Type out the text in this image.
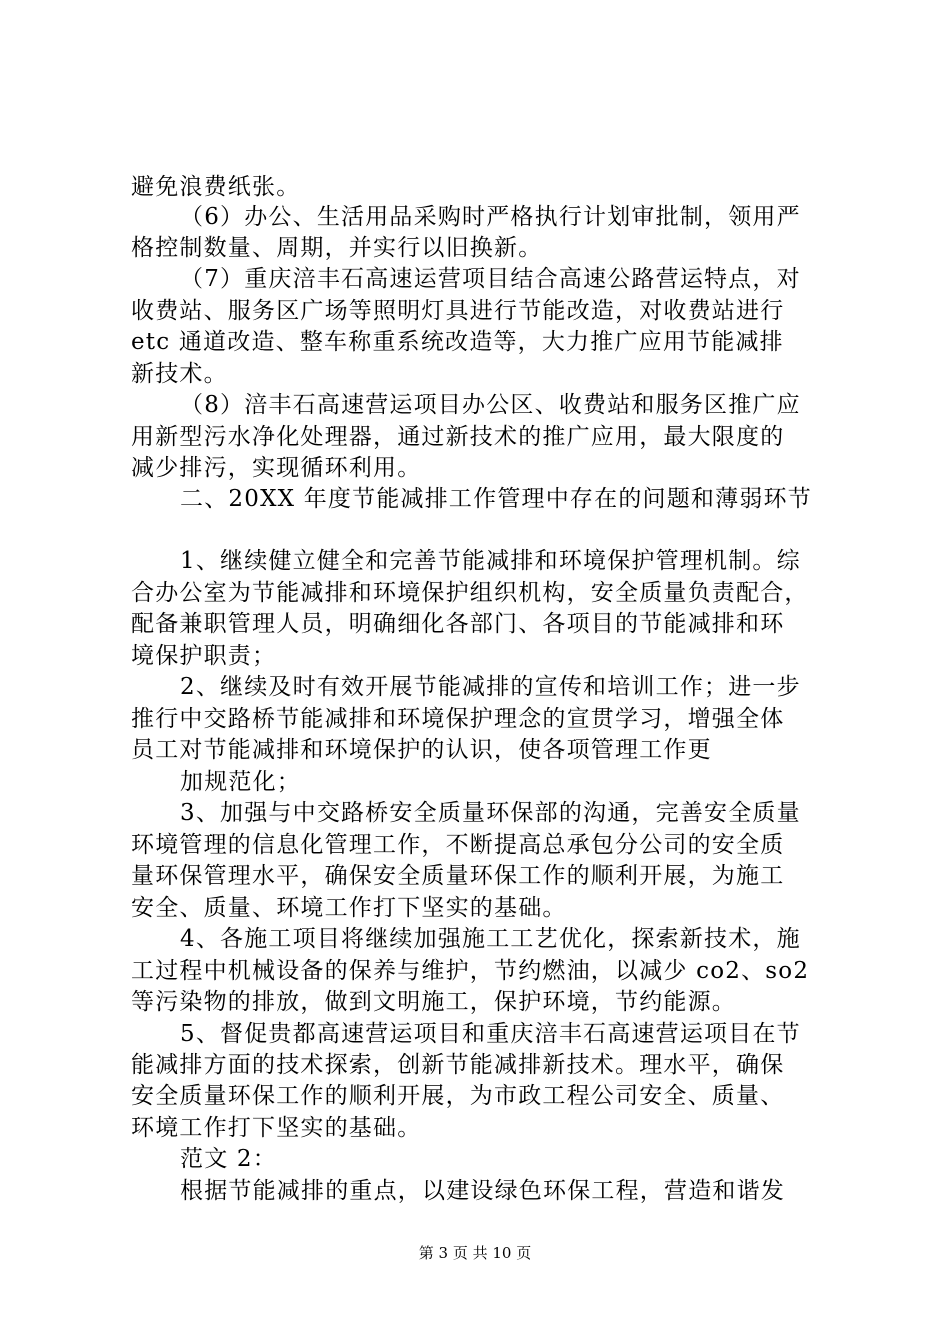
避免浪费纸张。
（6）办公、生活用品采购时严格执行计划审批制，领用严
格控制数量、周期，并实行以旧换新。
（7）重庆涪丰石高速运营项目结合高速公路营运特点，对
收费站、服务区广场等照明灯具进行节能改造，对收费站进行
etc 通道改造、整车称重系统改造等，大力推广应用节能减排
新技术。
（8）涪丰石高速营运项目办公区、收费站和服务区推广应
用新型污水净化处理器，通过新技术的推广应用，最大限度的
减少排污，实现循环利用。
二、20XX 年度节能减排工作管理中存在的问题和薄弱环节
1、继续健立健全和完善节能减排和环境保护管理机制。综
合办公室为节能减排和环境保护组织机构，安全质量负责配合，
配备兼职管理人员，明确细化各部门、各项目的节能减排和环
境保护职责；
2、继续及时有效开展节能减排的宣传和培训工作；进一步
推行中交路桥节能减排和环境保护理念的宣贯学习，增强全体
员工对节能减排和环境保护的认识，使各项管理工作更
加规范化；
3、加强与中交路桥安全质量环保部的沟通，完善安全质量
环境管理的信息化管理工作，不断提高总承包分公司的安全质
量环保管理水平，确保安全质量环保工作的顺利开展，为施工
安全、质量、环境工作打下坚实的基础。
4、各施工项目将继续加强施工工艺优化，探索新技术，施
工过程中机械设备的保养与维护，节约燃油，以减少 co2、so2
等污染物的排放，做到文明施工，保护环境，节约能源。
5、督促贵都高速营运项目和重庆涪丰石高速营运项目在节
能减排方面的技术探索，创新节能减排新技术。理水平，确保
安全质量环保工作的顺利开展，为市政工程公司安全、质量、
环境工作打下坚实的基础。
范文 2：
根据节能减排的重点，以建设绿色环保工程，营造和谐发
第 3 页 共 10 页
